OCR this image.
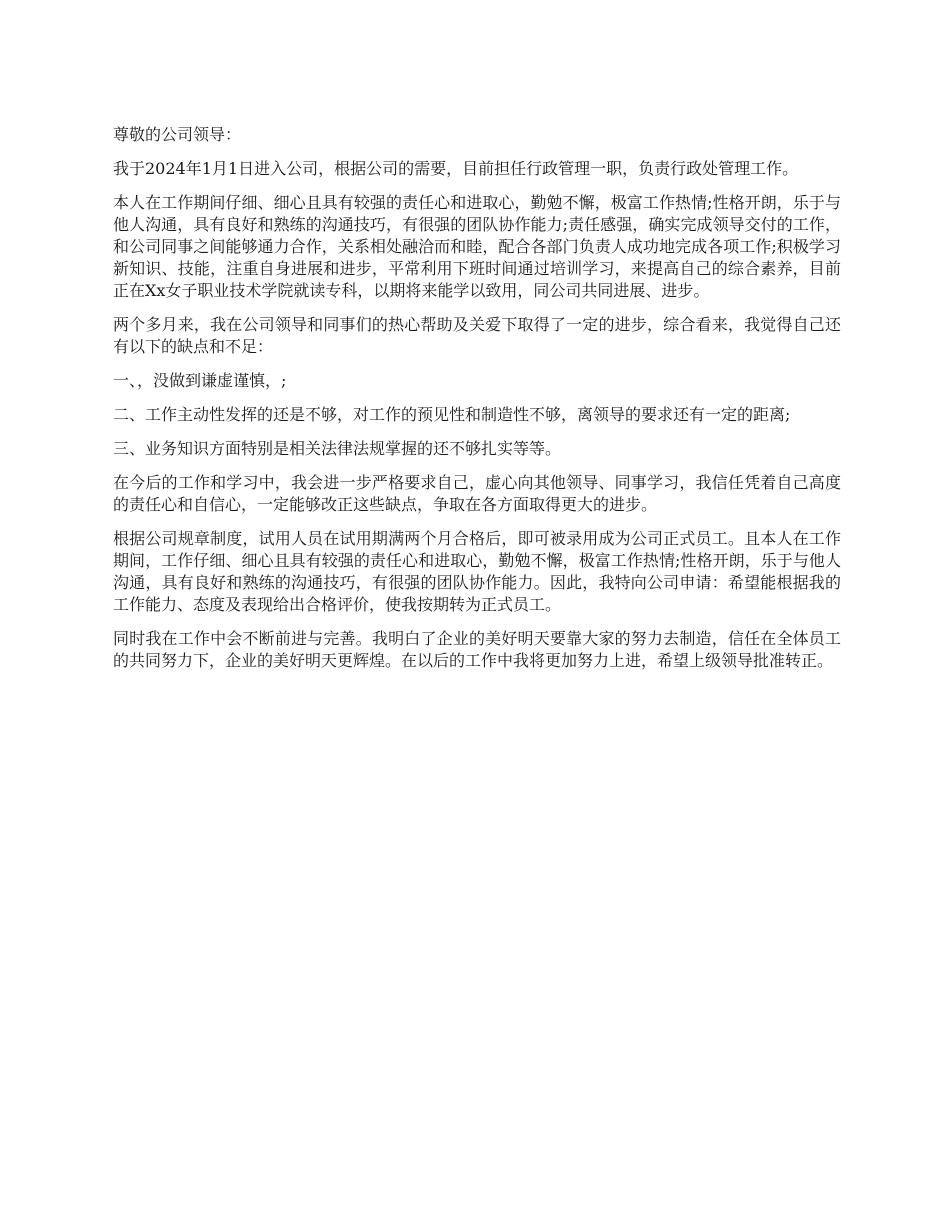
尊敬的公司领导：

我于2024年1月1日进入公司，根据公司的需要，目前担任行政管理一职，负责行政处管理工作。

本人在工作期间仔细、细心且具有较强的责任心和进取心，勤勉不懈，极富工作热情;性格开朗，乐于与他人沟通，具有良好和熟练的沟通技巧，有很强的团队协作能力;责任感强，确实完成领导交付的工作，和公司同事之间能够通力合作，关系相处融洽而和睦，配合各部门负责人成功地完成各项工作;积极学习新知识、技能，注重自身进展和进步，平常利用下班时间通过培训学习，来提高自己的综合素养，目前正在Xx女子职业技术学院就读专科，以期将来能学以致用，同公司共同进展、进步。

两个多月来，我在公司领导和同事们的热心帮助及关爱下取得了一定的进步，综合看来，我觉得自己还有以下的缺点和不足：

一、，没做到谦虚谨慎，;

二、工作主动性发挥的还是不够，对工作的预见性和制造性不够，离领导的要求还有一定的距离;

三、业务知识方面特别是相关法律法规掌握的还不够扎实等等。

在今后的工作和学习中，我会进一步严格要求自己，虚心向其他领导、同事学习，我信任凭着自己高度的责任心和自信心，一定能够改正这些缺点，争取在各方面取得更大的进步。

根据公司规章制度，试用人员在试用期满两个月合格后，即可被录用成为公司正式员工。且本人在工作期间，工作仔细、细心且具有较强的责任心和进取心，勤勉不懈，极富工作热情;性格开朗，乐于与他人沟通，具有良好和熟练的沟通技巧，有很强的团队协作能力。因此，我特向公司申请：希望能根据我的工作能力、态度及表现给出合格评价，使我按期转为正式员工。

同时我在工作中会不断前进与完善。我明白了企业的美好明天要靠大家的努力去制造，信任在全体员工的共同努力下，企业的美好明天更辉煌。在以后的工作中我将更加努力上进，希望上级领导批准转正。
